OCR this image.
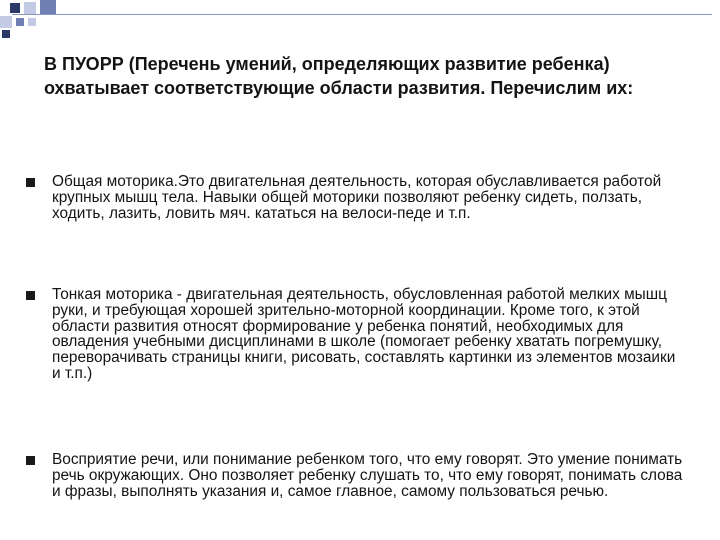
В ПУОРР (Перечень умений, определяющих развитие ребенка) охватывает соответствующие области развития. Перечислим их:

Общая моторика.Это двигательная деятельность, которая обуславливается работой крупных мышц тела. Навыки общей моторики позволяют ребенку сидеть, ползать, ходить, лазить, ловить мяч. кататься на велоси-педе и т.п.

Тонкая моторика - двигательная деятельность, обусловленная работой мелких мышц руки, и требующая хорошей зрительно-моторной координации. Кроме того, к этой области развития относят формирование у ребенка понятий, необходимых для овладения учебными дисциплинами в школе (помогает ребенку хватать погремушку, переворачивать страницы книги, рисовать, составлять картинки из элементов мозаики и т.п.)

Восприятие речи, или понимание ребенком того, что ему говорят. Это умение понимать речь окружающих. Оно позволяет ребенку слушать то, что ему говорят, понимать слова и фразы, выполнять указания и, самое главное, самому пользоваться речью.
